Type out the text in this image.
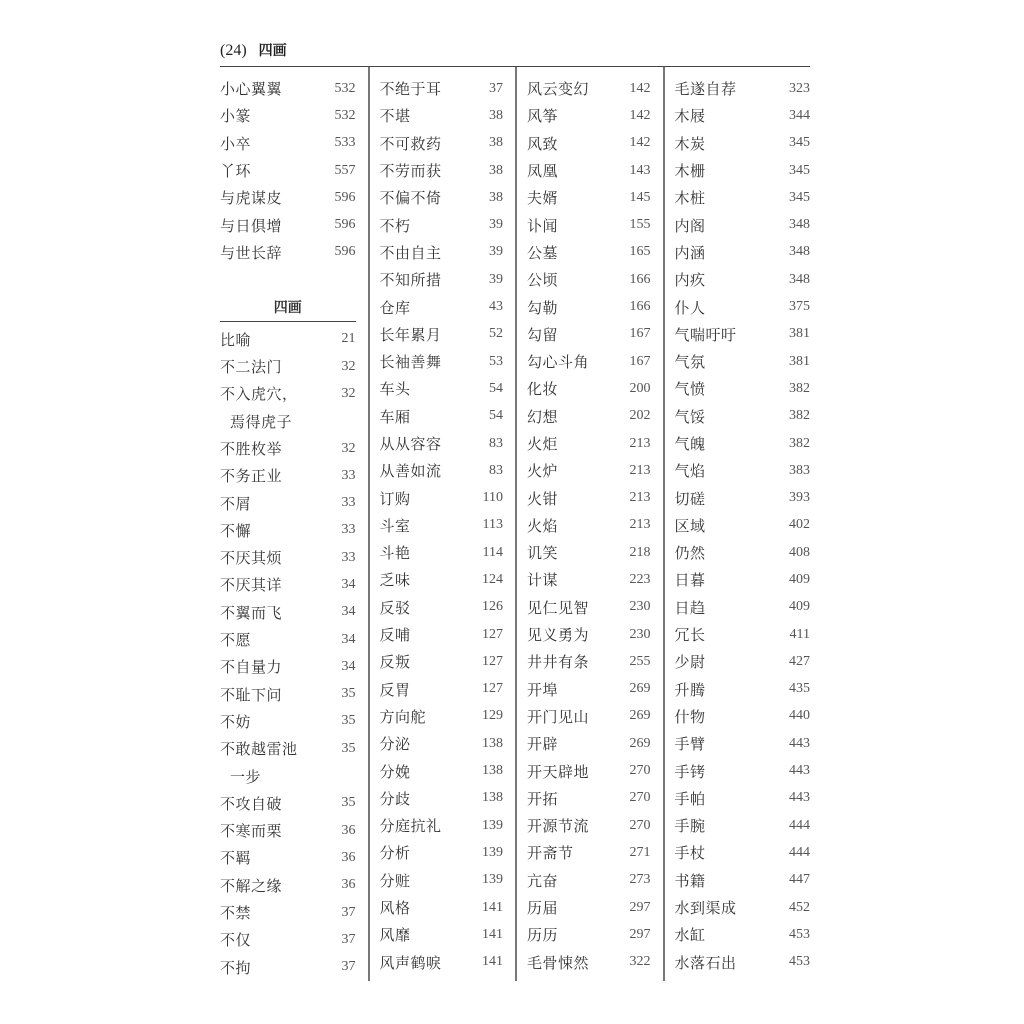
(24) 四画
小心翼翼	532
小篆	532
小卒	533
丫环	557
与虎谋皮	596
与日俱增	596
与世长辞	596
四画
比喻	21
不二法门	32
不入虎穴，	32
焉得虎子
不胜枚举	32
不务正业	33
不屑	33
不懈	33
不厌其烦	33
不厌其详	34
不翼而飞	34
不愿	34
不自量力	34
不耻下问	35
不妨	35
不敢越雷池	35
一步
不攻自破	35
不寒而栗	36
不羁	36
不解之缘	36
不禁	37
不仅	37
不拘	37
不绝于耳	37
不堪	38
不可救药	38
不劳而获	38
不偏不倚	38
不朽	39
不由自主	39
不知所措	39
仓库	43
长年累月	52
长袖善舞	53
车头	54
车厢	54
从从容容	83
从善如流	83
订购	110
斗室	113
斗艳	114
乏味	124
反驳	126
反哺	127
反叛	127
反胃	127
方向舵	129
分泌	138
分娩	138
分歧	138
分庭抗礼	139
分析	139
分赃	139
风格	141
风靡	141
风声鹤唳	141
风云变幻	142
风筝	142
风致	142
凤凰	143
夫婿	145
讣闻	155
公墓	165
公顷	166
勾勒	166
勾留	167
勾心斗角	167
化妆	200
幻想	202
火炬	213
火炉	213
火钳	213
火焰	213
讥笑	218
计谋	223
见仁见智	230
见义勇为	230
井井有条	255
开埠	269
开门见山	269
开辟	269
开天辟地	270
开拓	270
开源节流	270
开斋节	271
亢奋	273
历届	297
历历	297
毛骨悚然	322
毛遂自荐	323
木屐	344
木炭	345
木栅	345
木桩	345
内阁	348
内涵	348
内疚	348
仆人	375
气喘吁吁	381
气氛	381
气愤	382
气馁	382
气魄	382
气焰	383
切磋	393
区域	402
仍然	408
日暮	409
日趋	409
冗长	411
少尉	427
升腾	435
什物	440
手臂	443
手铐	443
手帕	443
手腕	444
手杖	444
书籍	447
水到渠成	452
水缸	453
水落石出	453
